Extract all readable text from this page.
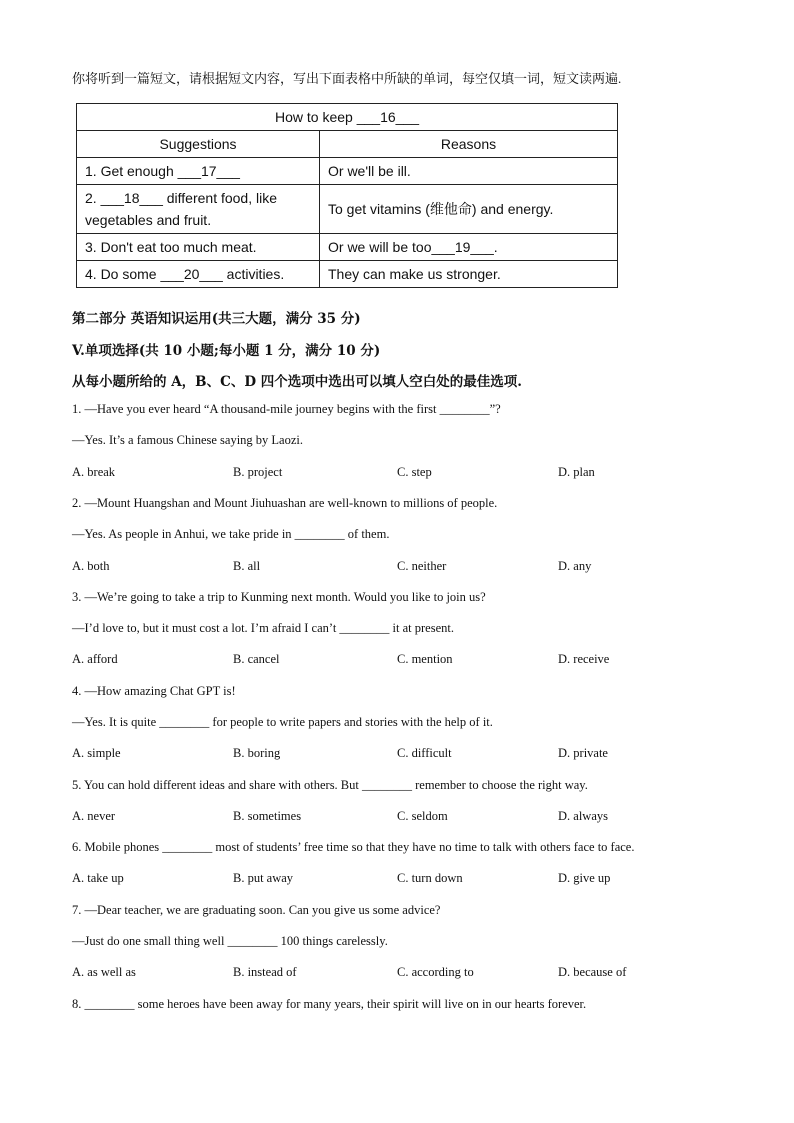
你将听到一篇短文，请根据短文内容，写出下面表格中所缺的单词，每空仅填一词，短文读两遍.
How to keep ___16___	
Suggestions	Reasons
1. Get enough ___17___	Or we'll be ill.
2. ___18___ different food, like vegetables and fruit.	To get vitamins (维他命) and energy.
3. Don't eat too much meat.	Or we will be too___19___.
4. Do some ___20___ activities.	They can make us stronger.
第二部分 英语知识运用(共三大题，满分 35 分)
V.单项选择(共 10 小题;每小题 1 分，满分 10 分)
从每小题所给的 A，B、C、D 四个选项中选出可以填人空白处的最佳选项.
1. —Have you ever heard “A thousand-mile journey begins with the first ________”?
—Yes. It’s a famous Chinese saying by Laozi.
A. break	B. project	C. step	D. plan
2. —Mount Huangshan and Mount Jiuhuashan are well-known to millions of people.
—Yes. As people in Anhui, we take pride in ________ of them.
A. both	B. all	C. neither	D. any
3. —We’re going to take a trip to Kunming next month. Would you like to join us?
—I’d love to, but it must cost a lot. I’m afraid I can’t ________ it at present.
A. afford	B. cancel	C. mention	D. receive
4. —How amazing Chat GPT is!
—Yes. It is quite ________ for people to write papers and stories with the help of it.
A. simple	B. boring	C. difficult	D. private
5. You can hold different ideas and share with others. But ________ remember to choose the right way.
A. never	B. sometimes	C. seldom	D. always
6. Mobile phones ________ most of students’ free time so that they have no time to talk with others face to face.
A. take up	B. put away	C. turn down	D. give up
7. —Dear teacher, we are graduating soon. Can you give us some advice?
—Just do one small thing well ________ 100 things carelessly.
A. as well as	B. instead of	C. according to	D. because of
8. ________ some heroes have been away for many years, their spirit will live on in our hearts forever.
